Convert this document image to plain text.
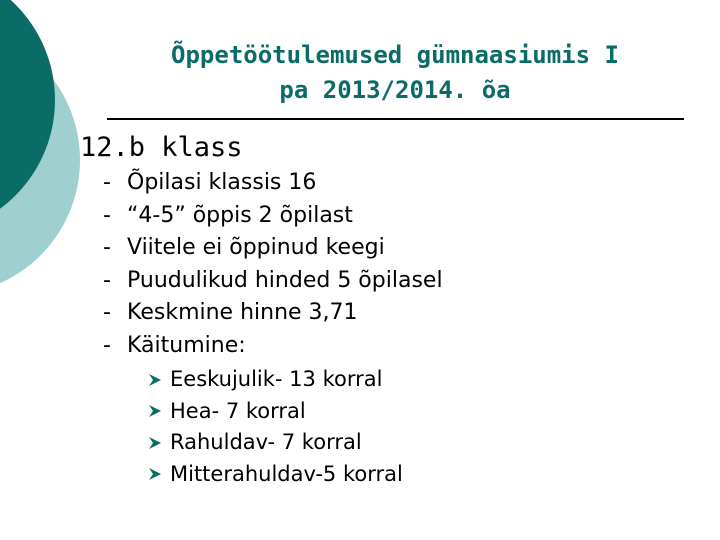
Õppetöötulemused gümnaasiumis I
pa 2013/2014. õa
12.b klass
- Õpilasi klassis 16
- “4-5” õppis 2 õpilast
- Viitele ei õppinud keegi
- Puudulikud hinded 5 õpilasel
- Keskmine hinne 3,71
- Käitumine:
Eeskujulik- 13 korral
Hea- 7 korral
Rahuldav- 7 korral
Mitterahuldav-5 korral
